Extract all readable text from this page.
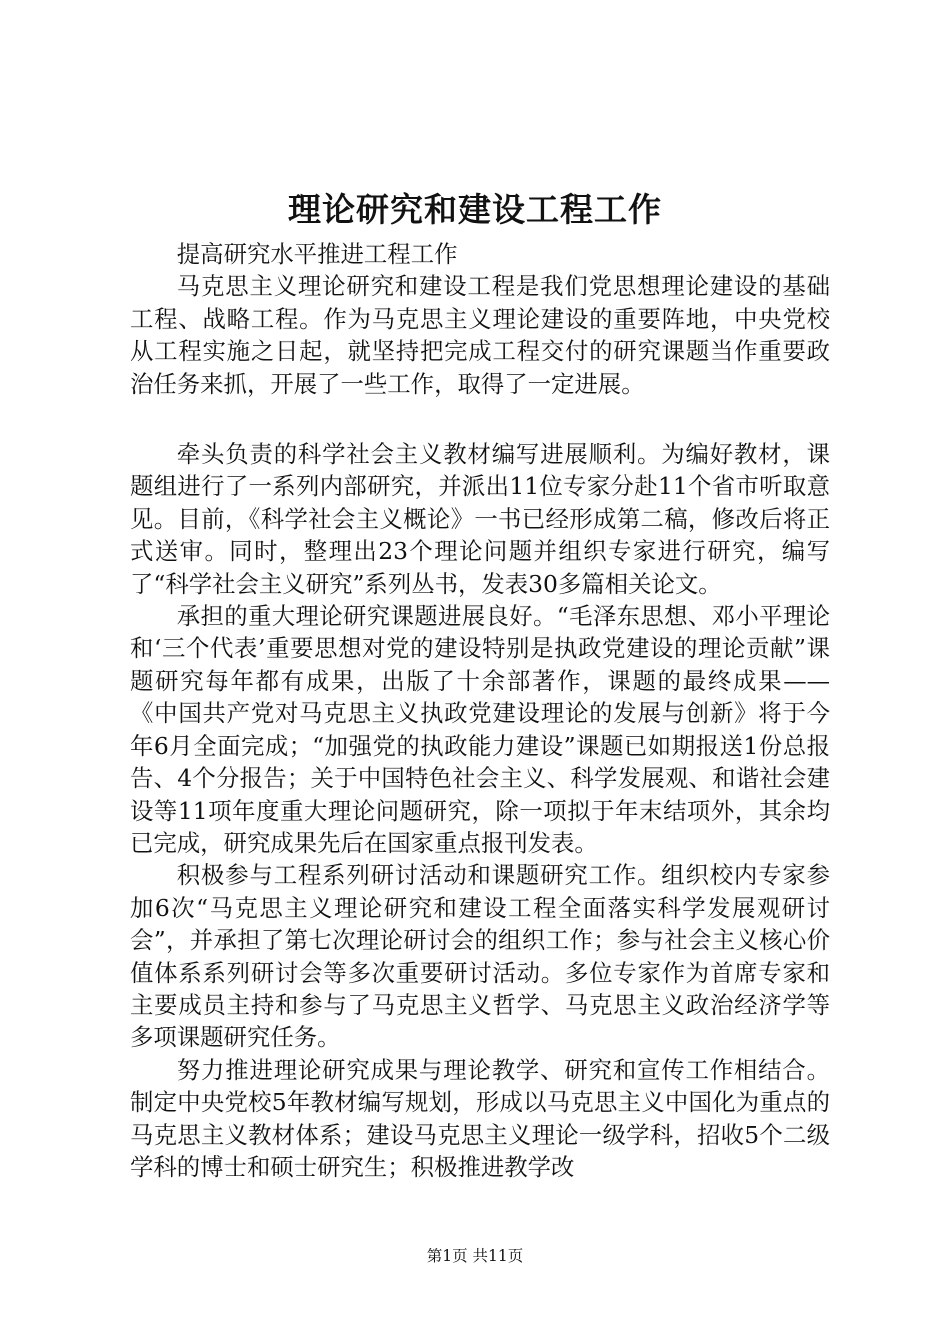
理论研究和建设工程工作

提高研究水平推进工程工作

马克思主义理论研究和建设工程是我们党思想理论建设的基础工程、战略工程。作为马克思主义理论建设的重要阵地，中央党校从工程实施之日起，就坚持把完成工程交付的研究课题当作重要政治任务来抓，开展了一些工作，取得了一定进展。

牵头负责的科学社会主义教材编写进展顺利。为编好教材，课题组进行了一系列内部研究，并派出11位专家分赴11个省市听取意见。目前，《科学社会主义概论》一书已经形成第二稿，修改后将正式送审。同时，整理出23个理论问题并组织专家进行研究，编写了“科学社会主义研究”系列丛书，发表30多篇相关论文。

承担的重大理论研究课题进展良好。“毛泽东思想、邓小平理论和‘三个代表’重要思想对党的建设特别是执政党建设的理论贡献”课题研究每年都有成果，出版了十余部著作，课题的最终成果——《中国共产党对马克思主义执政党建设理论的发展与创新》将于今年6月全面完成；“加强党的执政能力建设”课题已如期报送1份总报告、4个分报告；关于中国特色社会主义、科学发展观、和谐社会建设等11项年度重大理论问题研究，除一项拟于年末结项外，其余均已完成，研究成果先后在国家重点报刊发表。

积极参与工程系列研讨活动和课题研究工作。组织校内专家参加6次“马克思主义理论研究和建设工程全面落实科学发展观研讨会”，并承担了第七次理论研讨会的组织工作；参与社会主义核心价值体系系列研讨会等多次重要研讨活动。多位专家作为首席专家和主要成员主持和参与了马克思主义哲学、马克思主义政治经济学等多项课题研究任务。

努力推进理论研究成果与理论教学、研究和宣传工作相结合。制定中央党校5年教材编写规划，形成以马克思主义中国化为重点的马克思主义教材体系；建设马克思主义理论一级学科，招收5个二级学科的博士和硕士研究生；积极推进教学改

第1页 共11页
